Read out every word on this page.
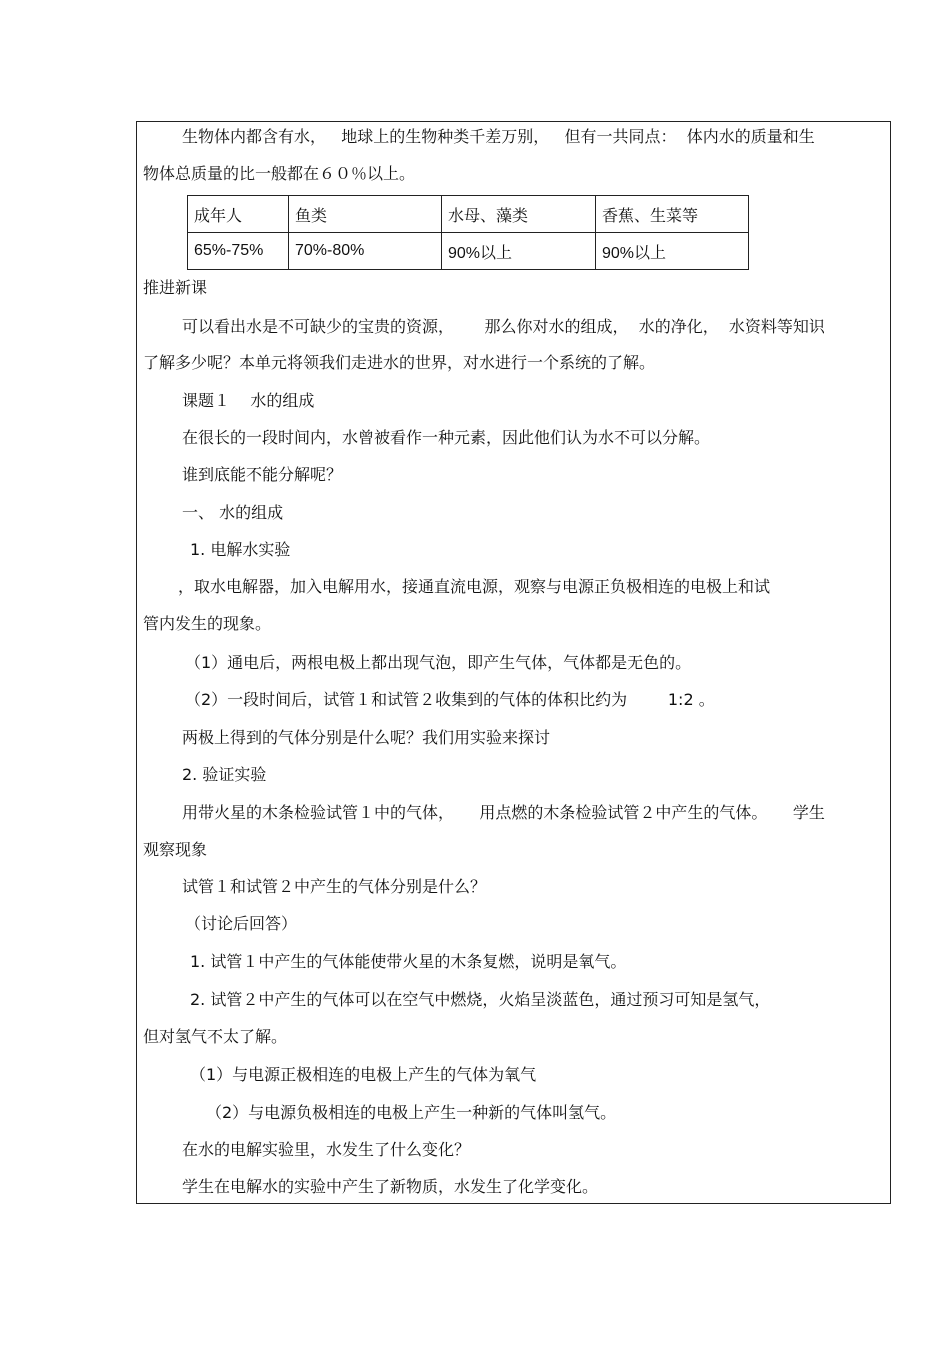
生物体内都含有水，   地球上的生物种类千差万别，   但有一共同点：  体内水的质量和生
物体总质量的比一般都在６０％以上。
成年人	鱼类	水母、藻类	香蕉、生菜等
65%-75%	70%-80%	90%以上	90%以上
推进新课
可以看出水是不可缺少的宝贵的资源，      那么你对水的组成，  水的净化，  水资料等知识
了解多少呢？本单元将领我们走进水的世界，对水进行一个系统的了解。
课题１    水的组成
在很长的一段时间内，水曾被看作一种元素，因此他们认为水不可以分解。
谁到底能不能分解呢？
一、 水的组成
1. 电解水实验
，取水电解器，加入电解用水，接通直流电源，观察与电源正负极相连的电极上和试
管内发生的现象。
（1）通电后，两根电极上都出现气泡，即产生气体，气体都是无色的。
（2）一段时间后，试管１和试管２收集到的气体的体积比约为        1:2 。
两极上得到的气体分别是什么呢？我们用实验来探讨
2. 验证实验
用带火星的木条检验试管１中的气体，     用点燃的木条检验试管２中产生的气体。     学生
观察现象
试管１和试管２中产生的气体分别是什么？
（讨论后回答）
1. 试管１中产生的气体能使带火星的木条复燃，说明是氧气。
2. 试管２中产生的气体可以在空气中燃烧，火焰呈淡蓝色，通过预习可知是氢气，
但对氢气不太了解。
（1）与电源正极相连的电极上产生的气体为氧气
（2）与电源负极相连的电极上产生一种新的气体叫氢气。
在水的电解实验里，水发生了什么变化？
学生在电解水的实验中产生了新物质，水发生了化学变化。
